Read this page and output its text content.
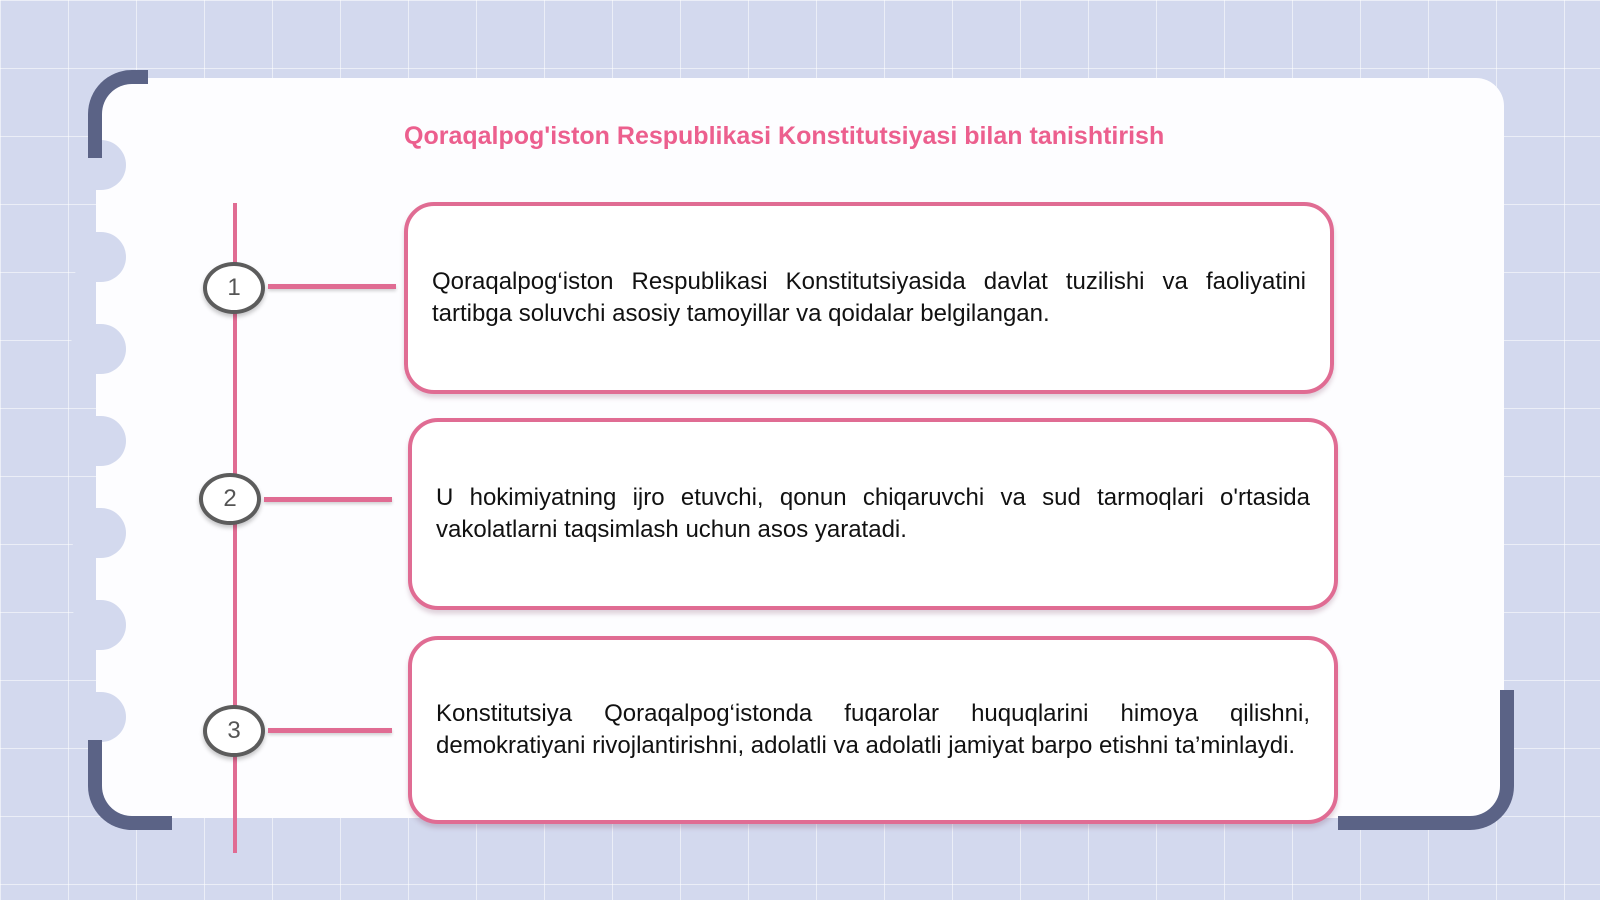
Qoraqalpog'iston Respublikasi Konstitutsiyasi bilan tanishtirish
1
2
3
Qoraqalpog‘iston Respublikasi Konstitutsiyasida davlat tuzilishi va faoliyatini tartibga soluvchi asosiy tamoyillar va qoidalar belgilangan.
U hokimiyatning ijro etuvchi, qonun chiqaruvchi va sud tarmoqlari o'rtasida vakolatlarni taqsimlash uchun asos yaratadi.
Konstitutsiya Qoraqalpog‘istonda fuqarolar huquqlarini himoya qilishni, demokratiyani rivojlantirishni, adolatli va adolatli jamiyat barpo etishni ta’minlaydi.
